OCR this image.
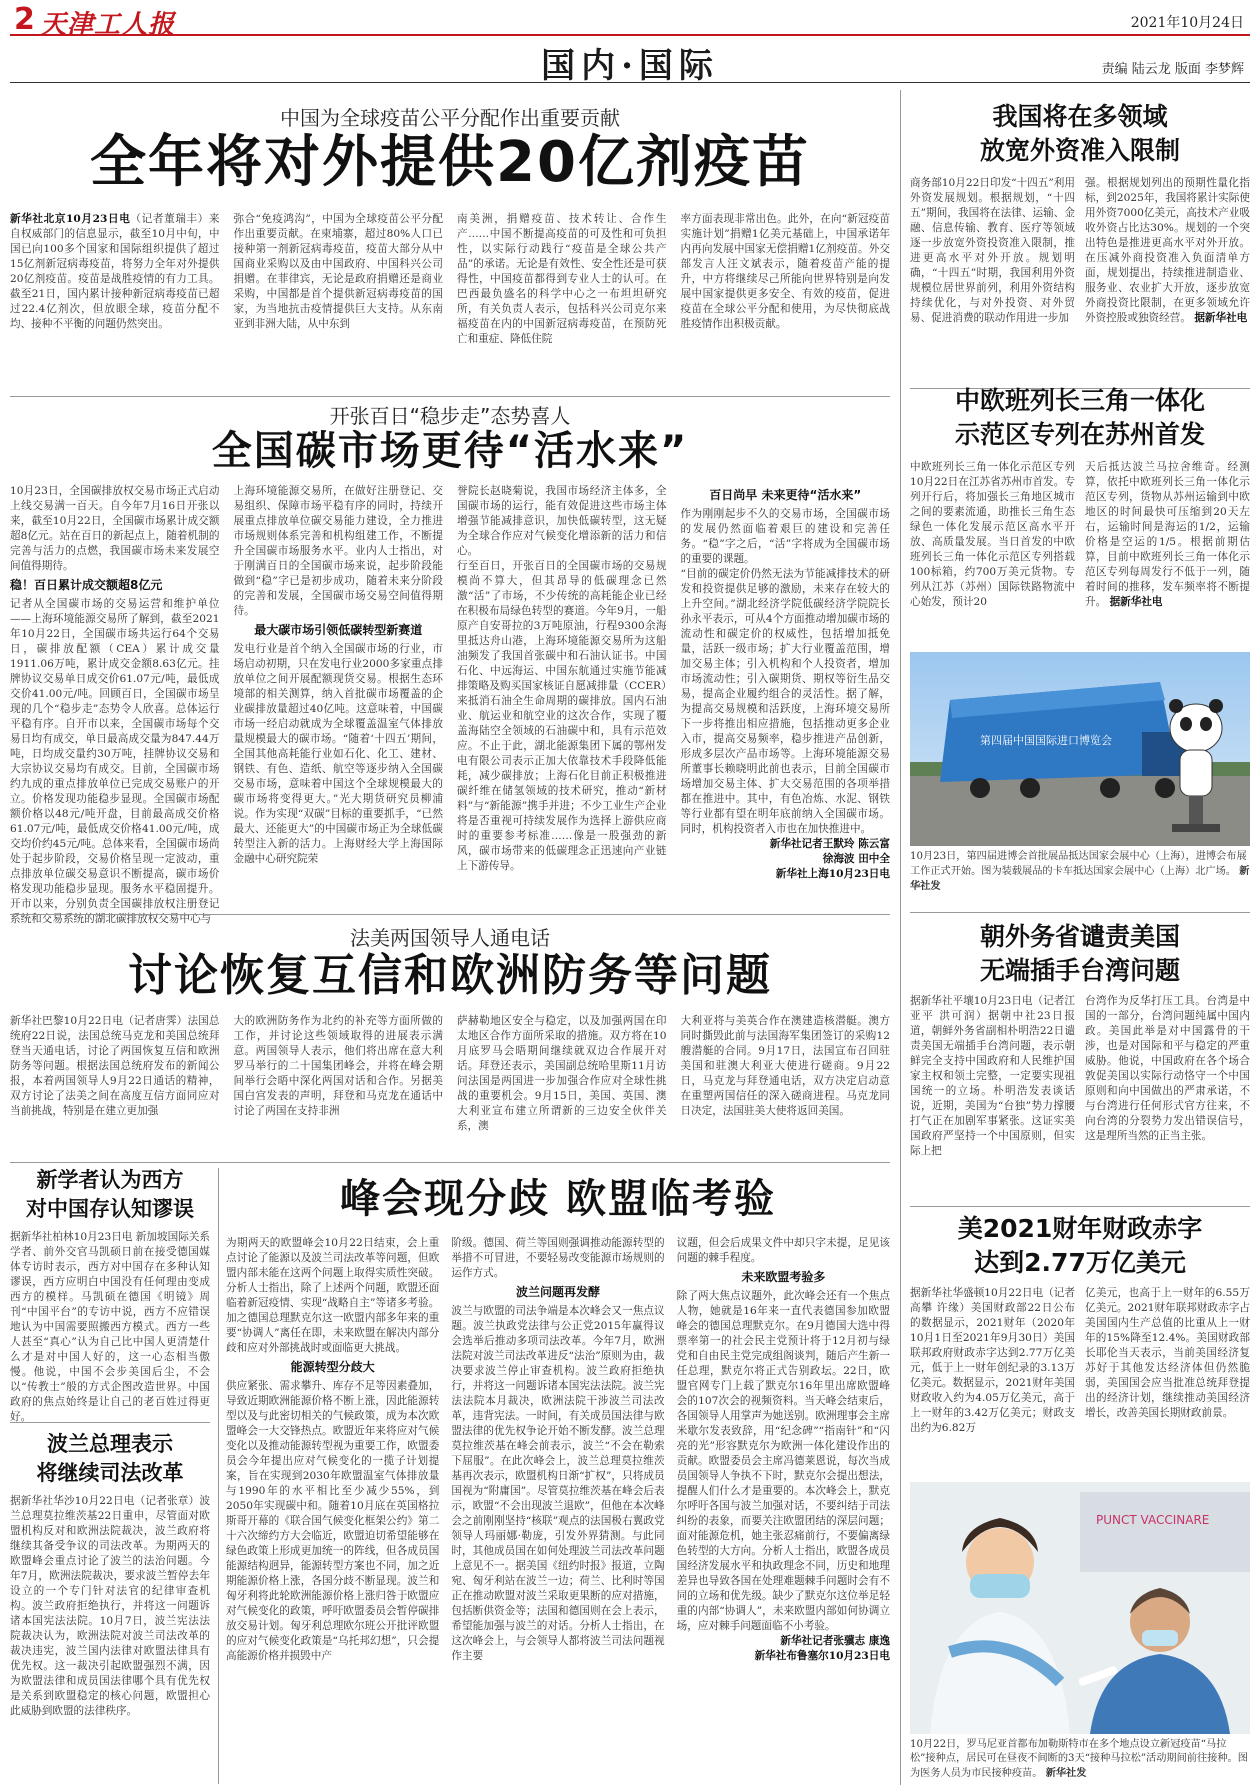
2 天津工人报	2021年10月24日
国内·国际	责编 陆云龙 版面 李梦辉
中国为全球疫苗公平分配作出重要贡献
全年将对外提供20亿剂疫苗
新华社北京10月23日电（记者董瑞丰）来自权威部门的信息显示，截至10月中旬，中国已向100多个国家和国际组织提供了超过15亿剂新冠病毒疫苗，将努力全年对外提供20亿剂疫苗。疫苗是战胜疫情的有力工具。截至21日，国内累计接种新冠病毒疫苗已超过22.4亿剂次，但放眼全球，疫苗分配不均、接种不平衡的问题仍然突出。
弥合“免疫鸿沟”，中国为全球疫苗公平分配作出重要贡献。在柬埔寨，超过80%人口已接种第一剂新冠病毒疫苗，疫苗大部分从中国商业采购以及由中国政府、中国科兴公司捐赠。在菲律宾，无论是政府捐赠还是商业采购，中国都是首个提供新冠病毒疫苗的国家，为当地抗击疫情提供巨大支持。从东南亚到非洲大陆，从中东到
南美洲，捐赠疫苗、技术转让、合作生产……中国不断提高疫苗的可及性和可负担性，以实际行动践行“疫苗是全球公共产品”的承诺。无论是有效性、安全性还是可获得性，中国疫苗都得到专业人士的认可。在巴西最负盛名的科学中心之一布坦坦研究所，有关负责人表示，包括科兴公司克尔来福疫苗在内的中国新冠病毒疫苗，在预防死亡和重症、降低住院
率方面表现非常出色。此外，在向“新冠疫苗实施计划”捐赠1亿美元基础上，中国承诺年内再向发展中国家无偿捐赠1亿剂疫苗。外交部发言人汪文斌表示，随着疫苗产能的提升，中方将继续尽己所能向世界特别是向发展中国家提供更多安全、有效的疫苗，促进疫苗在全球公平分配和使用，为尽快彻底战胜疫情作出积极贡献。
我国将在多领域
放宽外资准入限制
商务部10月22日印发“十四五”利用外资发展规划。根据规划，“十四五”期间，我国将在法律、运输、金融、信息传输、教育、医疗等领域逐一步放宽外资投资准入限制，推进更高水平对外开放。规划明确，“十四五”时期，我国利用外资规模位居世界前列，利用外资结构持续优化，与对外投资、对外贸易、促进消费的联动作用进一步加
强。根据规划列出的预期性量化指标，到2025年，我国将累计实际使用外资7000亿美元，高技术产业吸收外资占比达30%。规划的一个突出特色是推进更高水平对外开放。在压减外商投资准入负面清单方面，规划提出，持续推进制造业、服务业、农业扩大开放，逐步放宽外商投资比限制，在更多领域允许外资控股或独资经营。 据新华社电
中欧班列长三角一体化
示范区专列在苏州首发
中欧班列长三角一体化示范区专列10月22日在江苏省苏州市首发。专列开行后，将加强长三角地区城市之间的要素流通，助推长三角生态绿色一体化发展示范区高水平开放、高质量发展。当日首发的中欧班列长三角一体化示范区专列搭载100标箱，约700万美元货物。专列从江苏（苏州）国际铁路物流中心始发，预计20
天后抵达波兰马拉舍维奇。经测算，依托中欧班列长三角一体化示范区专列，货物从苏州运输到中欧地区的时间最快可压缩到20天左右，运输时间是海运的1/2，运输价格是空运的1/5。根据前期估算，目前中欧班列长三角一体化示范区专列每周发行不低于一列，随着时间的推移，发车频率将不断提升。 据新华社电
第四届中国国际进口博览会
10月23日，第四届进博会首批展品抵达国家会展中心（上海），进博会布展工作正式开始。图为装载展品的卡车抵达国家会展中心（上海）北广场。 新华社发
开张百日“稳步走”态势喜人
全国碳市场更待“活水来”
10月23日，全国碳排放权交易市场正式启动上线交易满一百天。自今年7月16日开张以来，截至10月22日，全国碳市场累计成交额超8亿元。站在百日的新起点上，随着机制的完善与活力的点燃，我国碳市场未来发展空间值得期待。
稳！百日累计成交额超8亿元
记者从全国碳市场的交易运营和维护单位——上海环境能源交易所了解到，截至2021年10月22日，全国碳市场共运行64个交易日，碳排放配额（CEA）累计成交量1911.06万吨，累计成交金额8.63亿元。挂牌协议交易单日成交价61.07元/吨，最低成交价41.00元/吨。回顾百日，全国碳市场呈现的几个“稳步走”态势令人欣喜。总体运行平稳有序。自开市以来，全国碳市场每个交易日均有成交，单日最高成交量为847.44万吨，日均成交量约30万吨，挂牌协议交易和大宗协议交易均有成交。目前，全国碳市场约九成的重点排放单位已完成交易账户的开立。价格发现功能稳步显现。全国碳市场配额价格以48元/吨开盘，目前最高成交价格61.07元/吨，最低成交价格41.00元/吨，成交均价约45元/吨。总体来看，全国碳市场尚处于起步阶段，交易价格呈现一定波动，重点排放单位碳交易意识不断提高，碳市场价格发现功能稳步显现。服务水平稳固提升。开市以来，分别负责全国碳排放权注册登记系统和交易系统的湖北碳排放权交易中心与
上海环境能源交易所，在做好注册登记、交易组织、保障市场平稳有序的同时，持续开展重点排放单位碳交易能力建设，全力推进市场规则体系完善和机构组建工作，不断提升全国碳市场服务水平。业内人士指出，对于刚满百日的全国碳市场来说，起步阶段能做到“稳”字已是初步成功，随着未来分阶段的完善和发展，全国碳市场交易空间值得期待。
最大碳市场引领低碳转型新赛道
发电行业是首个纳入全国碳市场的行业，市场启动初期，只在发电行业2000多家重点排放单位之间开展配额现货交易。根据生态环境部的相关测算，纳入首批碳市场覆盖的企业碳排放量超过40亿吨。这意味着，中国碳市场一经启动就成为全球覆盖温室气体排放量规模最大的碳市场。“随着‘十四五’期间，全国其他高耗能行业如石化、化工、建材、钢铁、有色、造纸、航空等逐步纳入全国碳交易市场，意味着中国这个全球规模最大的碳市场将变得更大。”光大期货研究员柳浦说。作为实现“双碳”目标的重要抓手，“已然最大、还能更大”的中国碳市场正为全球低碳转型注入新的活力。上海财经大学上海国际金融中心研究院荣
誉院长赵晓菊说，我国市场经济主体多，全国碳市场的运行，能有效促进这些市场主体增强节能减排意识，加快低碳转型，这无疑为全球合作应对气候变化增添新的活力和信心。
行至百日，开张百日的全国碳市场的交易规模尚不算大，但其昂导的低碳理念已然激“活”了市场，不少传统的高耗能企业已经在积极布局绿色转型的赛道。今年9月，一船原产自安哥拉的3万吨原油，行程9300余海里抵达舟山港，上海环境能源交易所为这船油频发了我国首张碳中和石油认证书。中国石化、中远海运、中国东航通过实施节能减排策略及购买国家核证自愿减排量（CCER）来抵消石油全生命周期的碳排放。国内石油业、航运业和航空业的这次合作，实现了覆盖海陆空全领域的石油碳中和，具有示范效应。不止于此，湖北能源集团下属的鄂州发电有限公司表示正加大依靠技术手段降低能耗，减少碳排放；上海石化目前正积极推进碳纤维在储氢领域的技术研究，推动“新材料”与“新能源”携手并进；不少工业生产企业将是否重视可持续发展作为选择上游供应商时的重要参考标准……像是一股强劲的新风，碳市场带来的低碳理念正迅速向产业链上下游传导。
百日尚早 未来更待“活水来”
作为刚刚起步不久的交易市场，全国碳市场的发展仍然面临着艰巨的建设和完善任务。“稳”字之后，“活”字将成为全国碳市场的重要的课题。
“目前的碳定价仍然无法为节能减排技术的研发和投资提供足够的激励，未来存在较大的上升空间。”湖北经济学院低碳经济学院院长孙永平表示，可从4个方面推动增加碳市场的流动性和碳定价的权威性，包括增加抵免量，活跃一级市场；扩大行业覆盖范围，增加交易主体；引入机构和个人投资者，增加市场流动性；引入碳期货、期权等衍生品交易，提高企业履约组合的灵活性。据了解，为提高交易规模和活跃度，上海环境交易所下一步将推出相应措施，包括推动更多企业入市，提高交易频率，稳步推进产品创新，形成多层次产品市场等。上海环境能源交易所董事长赖晓明此前也表示，目前全国碳市场增加交易主体、扩大交易范围的各项举措都在推进中。其中，有色冶炼、水泥、钢铁等行业都有望在明年底前纳入全国碳市场。同时，机构投资者入市也在加快推进中。
新华社记者王默玲 陈云富
徐海波 田中全
新华社上海10月23日电
法美两国领导人通电话
讨论恢复互信和欧洲防务等问题
新华社巴黎10月22日电（记者唐霁）法国总统府22日说，法国总统马克龙和美国总统拜登当天通电话，讨论了两国恢复互信和欧洲防务等问题。根据法国总统府发布的新闻公报，本着两国领导人9月22日通话的精神，双方讨论了法美之间在高度互信方面同应对当前挑战，特别是在建立更加强
大的欧洲防务作为北约的补充等方面所做的工作，并讨论这些领域取得的进展表示满意。两国领导人表示，他们将出席在意大利罗马举行的二十国集团峰会，并将在峰会期间举行会晤中深化两国对话和合作。另据美国白宫发表的声明，拜登和马克龙在通话中讨论了两国在支持非洲
萨赫勒地区安全与稳定，以及加强两国在印太地区合作方面所采取的措施。双方将在10月底罗马会晤期间继续就双边合作展开对话。拜登还表示，美国副总统哈里斯11月访问法国是两国进一步加强合作应对全球性挑战的重要机会。9月15日，美国、英国、澳大利亚宣布建立所谓新的三边安全伙伴关系，澳
大利亚将与美英合作在澳建造核潜艇。澳方同时撕毁此前与法国海军集团签订的采购12艘潜艇的合同。9月17日，法国宣布召回驻美国和驻澳大利亚大使进行磋商。9月22日，马克龙与拜登通电话，双方决定启动意在重塑两国信任的深入磋商进程。马克龙同日决定，法国驻美大使将返回美国。
朝外务省谴责美国
无端插手台湾问题
据新华社平壤10月23日电（记者江亚平 洪可润）据朝中社23日报道，朝鲜外务省副相朴明浩22日谴责美国无端插手台湾问题，表示朝鲜完全支持中国政府和人民维护国家主权和领土完整，一定要实现祖国统一的立场。朴明浩发表谈话说，近期，美国为“台独”势力撑腰打气正在加剧军事紧张。这证实美国政府严坚持一个中国原则，但实际上把
台湾作为反华打压工具。台湾是中国的一部分，台湾问题纯属中国内政。美国此举是对中国露骨的干涉，也是对国际和平与稳定的严重威胁。他说，中国政府在各个场合敦促美国以实际行动恪守一个中国原则和向中国做出的严肃承诺，不与台湾进行任何形式官方往来，不向台湾的分裂势力发出错误信号，这是理所当然的正当主张。
新学者认为西方
对中国存认知谬误
据新华社柏林10月23日电 新加坡国际关系学者、前外交官马凯硕日前在接受德国媒体专访时表示，西方对中国存在多种认知谬误，西方应明白中国没有任何理由变成西方的模样。马凯硕在德国《明镜》周刊“中国平台”的专访中说，西方不应错误地认为中国需要照搬西方模式。西方一些人甚至“真心”认为自己比中国人更清楚什么才是对中国人好的，这一心态相当傲慢。他说，中国不会步美国后尘，不会以“传教士”般的方式企图改造世界。中国政府的焦点始终是让自己的老百姓过得更好。
波兰总理表示
将继续司法改革
据新华社华沙10月22日电（记者张章）波兰总理莫拉维茨基22日重申，尽管面对欧盟机构反对和欧洲法院裁决，波兰政府将继续其备受争议的司法改革。为期两天的欧盟峰会重点讨论了波兰的法治问题。今年7月，欧洲法院裁决，要求波兰暂停去年设立的一个专门针对法官的纪律审查机构。波兰政府拒绝执行，并将这一问题诉诸本国宪法法院。10月7日，波兰宪法法院裁决认为，欧洲法院对波兰司法改革的裁决违宪，波兰国内法律对欧盟法律具有优先权。这一裁决引起欧盟强烈不满，因为欧盟法律和成员国法律哪个具有优先权是关系到欧盟稳定的核心问题，欧盟担心此威胁到欧盟的法律秩序。
峰会现分歧 欧盟临考验
为期两天的欧盟峰会10月22日结束，会上重点讨论了能源以及波兰司法改革等问题，但欧盟内部未能在这两个问题上取得实质性突破。分析人士指出，除了上述两个问题，欧盟还面临着新冠疫情、实现“战略自主”等诸多考验。加之德国总理默克尔这一欧盟内部多年来的重要“协调人”离任在即，未来欧盟在解决内部分歧和应对外部挑战时或面临更大挑战。
能源转型分歧大
供应紧张、需求攀升、库存不足等因素叠加，导致近期欧洲能源价格不断上涨，因此能源转型以及与此密切相关的气候政策，成为本次欧盟峰会一大交锋热点。欧盟近年来将应对气候变化以及推动能源转型视为重要工作，欧盟委员会今年提出应对气候变化的一揽子计划提案，旨在实现到2030年欧盟温室气体排放量与1990年的水平相比至少减少55%，到2050年实现碳中和。随着10月底在英国格拉斯哥开幕的《联合国气候变化框架公约》第二十六次缔约方大会临近，欧盟迫切希望能够在绿色政策上形成更加统一的阵线，但各成员国能源结构迥异，能源转型方案也不同，加之近期能源价格上涨，各国分歧不断显现。波兰和匈牙利将此轮欧洲能源价格上涨归咎于欧盟应对气候变化的政策，呼吁欧盟委员会暂停碳排放交易计划。匈牙利总理欧尔班公开批评欧盟的应对气候变化政策是“乌托邦幻想”，只会提高能源价格并损毁中产
阶级。德国、荷兰等国则强调推动能源转型的举措不可冒进，不要轻易改变能源市场规则的运作方式。
波兰问题再发酵
波兰与欧盟的司法争端是本次峰会又一焦点议题。波兰执政党法律与公正党2015年赢得议会选举后推动多项司法改革。今年7月，欧洲法院对波兰司法改革进反“法治”原则为由，裁决要求波兰停止审查机构。波兰政府拒绝执行，并将这一问题诉诸本国宪法法院。波兰宪法法院本月裁决，欧洲法院干涉波兰司法改革，违背宪法。一时间，有关成员国法律与欧盟法律的优先权争论开始不断发酵。波兰总理莫拉维茨基在峰会前表示，波兰“不会在勒索下屈服”。在此次峰会上，波兰总理莫拉维茨基再次表示，欧盟机构日渐“扩权”，只将成员国视为“附庸国”。尽管莫拉维茨基在峰会后表示，欧盟“不会出现波兰退欧”，但他在本次峰会之前刚刚坚持“核联”观点的法国极右翼政党领导人玛丽娜·勒庞，引发外界猜测。与此同时，其他成员国在如何处理波兰司法改革问题上意见不一。据美国《纽约时报》报道，立陶宛、匈牙利站在波兰一边；荷兰、比利时等国正在推动欧盟对波兰采取更果断的应对措施，包括断供资金等；法国和德国则在会上表示，希望能加强与波兰的对话。分析人士指出，在这次峰会上，与会领导人都将波兰司法问题视作主要
议题，但会后成果文件中却只字未提，足见该问题的棘手程度。
未来欧盟考验多
除了两大焦点议题外，此次峰会还有一个焦点人物，她就是16年来一直代表德国参加欧盟峰会的德国总理默克尔。在9月德国大选中得票率第一的社会民主党预计将于12月初与绿党和自由民主党完成组阁谈判，随后产生新一任总理，默克尔将正式告别政坛。22日，欧盟官网专门上载了默克尔16年里出席欧盟峰会的107次会的视频资料。当天峰会结束后，各国领导人用掌声为她送别。欧洲理事会主席米歇尔发表致辞，用“纪念碑”“指南针”和“闪亮的光”形容默克尔为欧洲一体化建设作出的贡献。欧盟委员会主席冯德莱恩说，每次当成员国领导人争执不下时，默克尔会提出想法，提醒人们什么才是重要的。本次峰会上，默克尔呼吁各国与波兰加强对话，不要纠结于司法纠纷的表象，而要关注欧盟团结的深层问题；面对能源危机，她主张忍痛前行，不要偏离绿色转型的大方向。分析人士指出，欧盟各成员国经济发展水平和执政理念不同，历史和地理差异也导致各国在处理难题棘手问题时会有不同的立场和优先级。缺少了默克尔这位举足轻重的内部“协调人”，未来欧盟内部如何协调立场，应对棘手问题面临不小考验。
新华社记者张骥志 康逸
新华社布鲁塞尔10月23日电
美2021财年财政赤字
达到2.77万亿美元
据新华社华盛顿10月22日电（记者高攀 许缘）美国财政部22日公布的数据显示，2021财年（2020年10月1日至2021年9月30日）美国联邦政府财政赤字达到2.77万亿美元，低于上一财年创纪录的3.13万亿美元。数据显示，2021财年美国财政收入约为4.05万亿美元，高于上一财年的3.42万亿美元；财政支出约为6.82万
亿美元，也高于上一财年的6.55万亿美元。2021财年联邦财政赤字占美国国内生产总值的比重从上一财年的15%降至12.4%。美国财政部长耶伦当天表示，当前美国经济复苏好于其他发达经济体但仍然脆弱，美国国会应当批准总统拜登提出的经济计划，继续推动美国经济增长，改善美国长期财政前景。
PUNCT VACCINARE
10月22日，罗马尼亚首都布加勒斯特市在多个地点设立新冠疫苗“马拉松”接种点，居民可在昼夜不间断的3天“接种马拉松”活动期间前往接种。图为医务人员为市民接种疫苗。 新华社发
